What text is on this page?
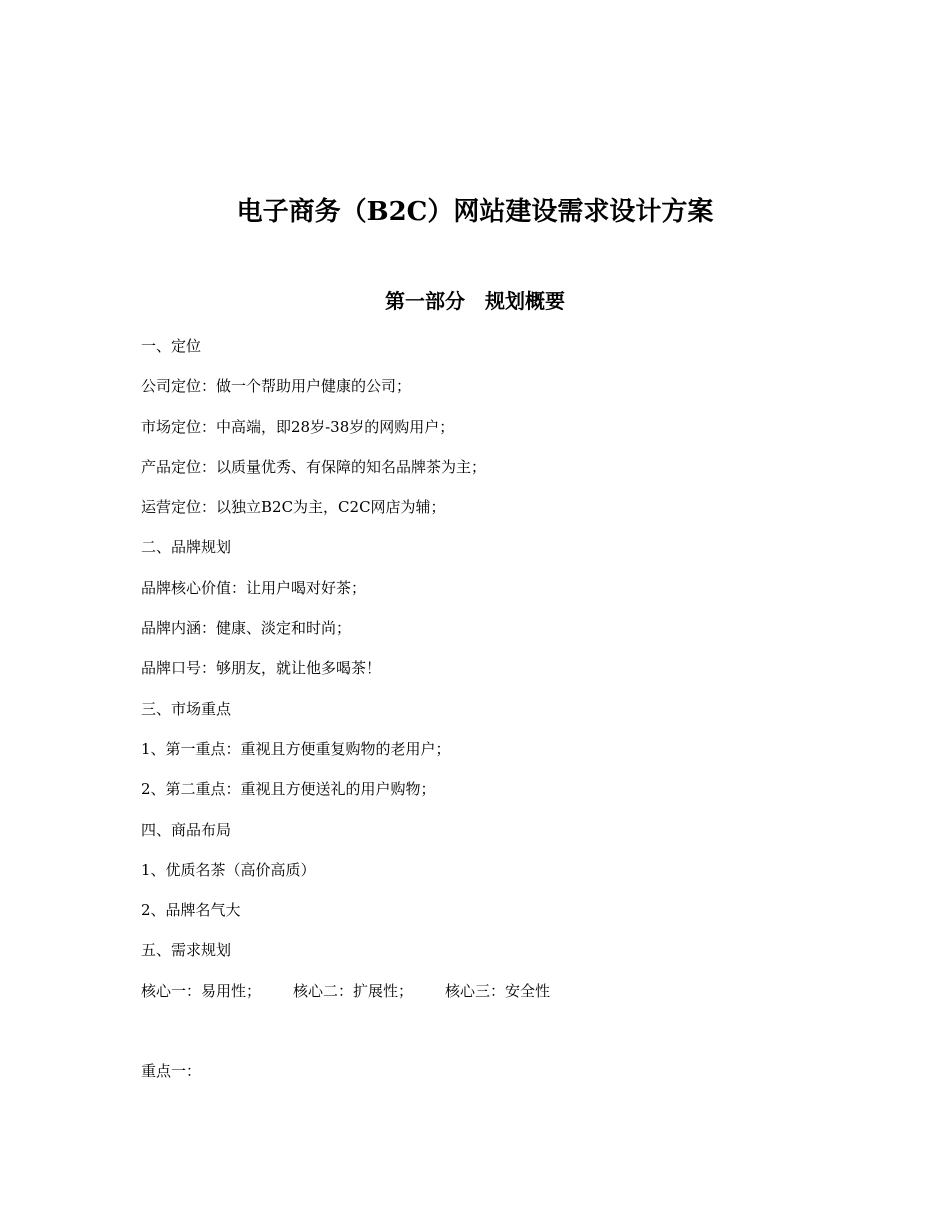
电子商务（B2C）网站建设需求设计方案
第一部分　规划概要
一、定位
公司定位：做一个帮助用户健康的公司；
市场定位：中高端，即28岁-38岁的网购用户；
产品定位：以质量优秀、有保障的知名品牌茶为主；
运营定位：以独立B2C为主，C2C网店为辅；
二、品牌规划
品牌核心价值：让用户喝对好茶；
品牌内涵：健康、淡定和时尚；
品牌口号：够朋友，就让他多喝茶！
三、市场重点
1、第一重点：重视且方便重复购物的老用户；
2、第二重点：重视且方便送礼的用户购物；
四、商品布局
1、优质名茶（高价高质）
2、品牌名气大
五、需求规划
核心一：易用性； 核心二：扩展性； 核心三：安全性
重点一：
